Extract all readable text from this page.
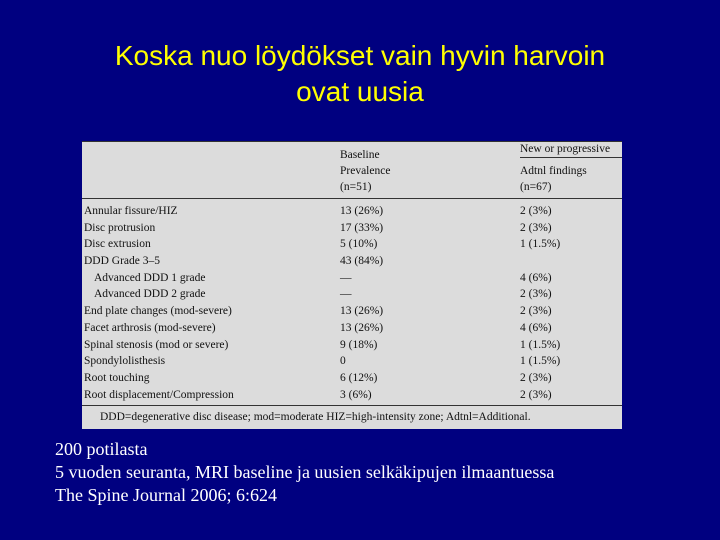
Koska nuo löydökset vain hyvin harvoin
ovat uusia
Baseline
Prevalence
(n=51)
New or progressive
Adtnl findings
(n=67)
Annular fissure/HIZ	13 (26%)	2 (3%)
Disc protrusion	17 (33%)	2 (3%)
Disc extrusion	5 (10%)	1 (1.5%)
DDD Grade 3–5	43 (84%)
Advanced DDD 1 grade	—	4 (6%)
Advanced DDD 2 grade	—	2 (3%)
End plate changes (mod-severe)	13 (26%)	2 (3%)
Facet arthrosis (mod-severe)	13 (26%)	4 (6%)
Spinal stenosis (mod or severe)	9 (18%)	1 (1.5%)
Spondylolisthesis	0	1 (1.5%)
Root touching	6 (12%)	2 (3%)
Root displacement/Compression	3 (6%)	2 (3%)
DDD=degenerative disc disease; mod=moderate HIZ=high-intensity zone; Adtnl=Additional.
200 potilasta
5 vuoden seuranta, MRI baseline ja uusien selkäkipujen ilmaantuessa
The Spine Journal 2006; 6:624
